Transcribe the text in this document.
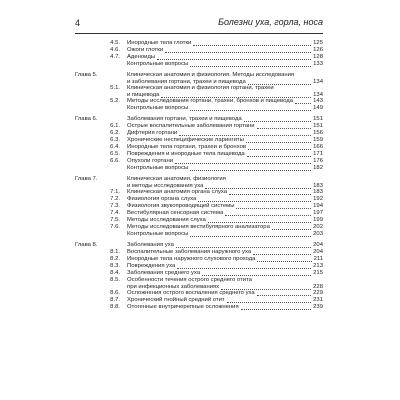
4	Болезни уха, горла, носа
4.5. Инородные тела глотки	125
4.6. Ожоги глотки	126
4.7. Аденоиды	128
Контрольные вопросы	133
Глава 5.	Клиническая анатомия и физиология. Методы исследования
и заболевания гортани, трахеи и пищевода	134
5.1. Клиническая анатомия и физиология гортани, трахеи
и пищевода	134
5.2. Методы исследования гортани, трахеи, бронхов и пищевода	143
Контрольные вопросы	149
Глава 6.	Заболевания гортани, трахеи и пищевода	151
6.1. Острые воспалительные заболевания гортани	151
6.2. Дифтерия гортани	156
6.3. Хронические неспецифические ларингиты	159
6.4. Инородные тела гортани, трахеи и бронхов	166
6.5. Повреждения и инородные тела пищевода	171
6.6. Опухоли гортани	176
Контрольные вопросы	182
Глава 7.	Клиническая анатомия, физиология
и методы исследования уха	183
7.1. Клиническая анатомия органа слуха	183
7.2. Физиология органа слуха	192
7.3. Физиология звукопроводящей системы	194
7.4. Вестибулярная сенсорная система	197
7.5. Методы исследования слуха	199
7.6. Методы исследования вестибулярного анализатора	202
Контрольные вопросы	203
Глава 8.	Заболевания уха	204
8.1. Воспалительные заболевания наружного уха	204
8.2. Инородные тела наружного слухового прохода	211
8.3. Повреждения уха	213
8.4. Заболевания среднего уха	215
8.5. Особенности течения острого среднего отита
при инфекционных заболеваниях	228
8.6. Осложнения острого воспаления среднего уха	229
8.7. Хронический гнойный средний отит	231
8.8. Отогенные внутричерепные осложнения	239
